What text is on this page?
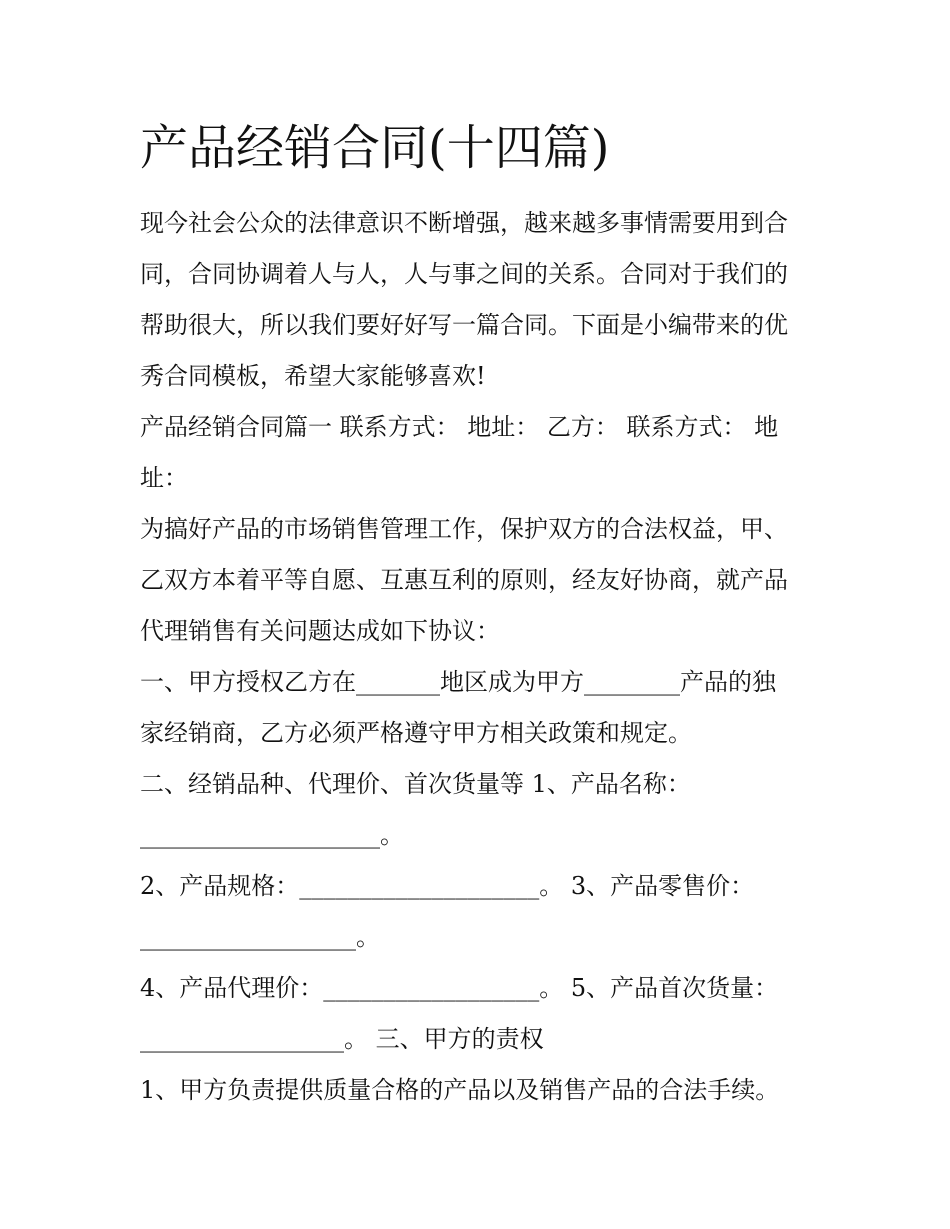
产品经销合同(十四篇)
现今社会公众的法律意识不断增强，越来越多事情需要用到合
同，合同协调着人与人，人与事之间的关系。合同对于我们的
帮助很大，所以我们要好好写一篇合同。下面是小编带来的优
秀合同模板，希望大家能够喜欢!
产品经销合同篇一 联系方式： 地址： 乙方： 联系方式： 地
址：
为搞好产品的市场销售管理工作，保护双方的合法权益，甲、
乙双方本着平等自愿、互惠互利的原则，经友好协商，就产品
代理销售有关问题达成如下协议：
一、甲方授权乙方在_______地区成为甲方________产品的独
家经销商，乙方必须严格遵守甲方相关政策和规定。
二、经销品种、代理价、首次货量等 1、产品名称：
____________________。
2、产品规格：____________________。 3、产品零售价：
__________________。
4、产品代理价：__________________。 5、产品首次货量：
_________________。 三、甲方的责权
1、甲方负责提供质量合格的产品以及销售产品的合法手续。
